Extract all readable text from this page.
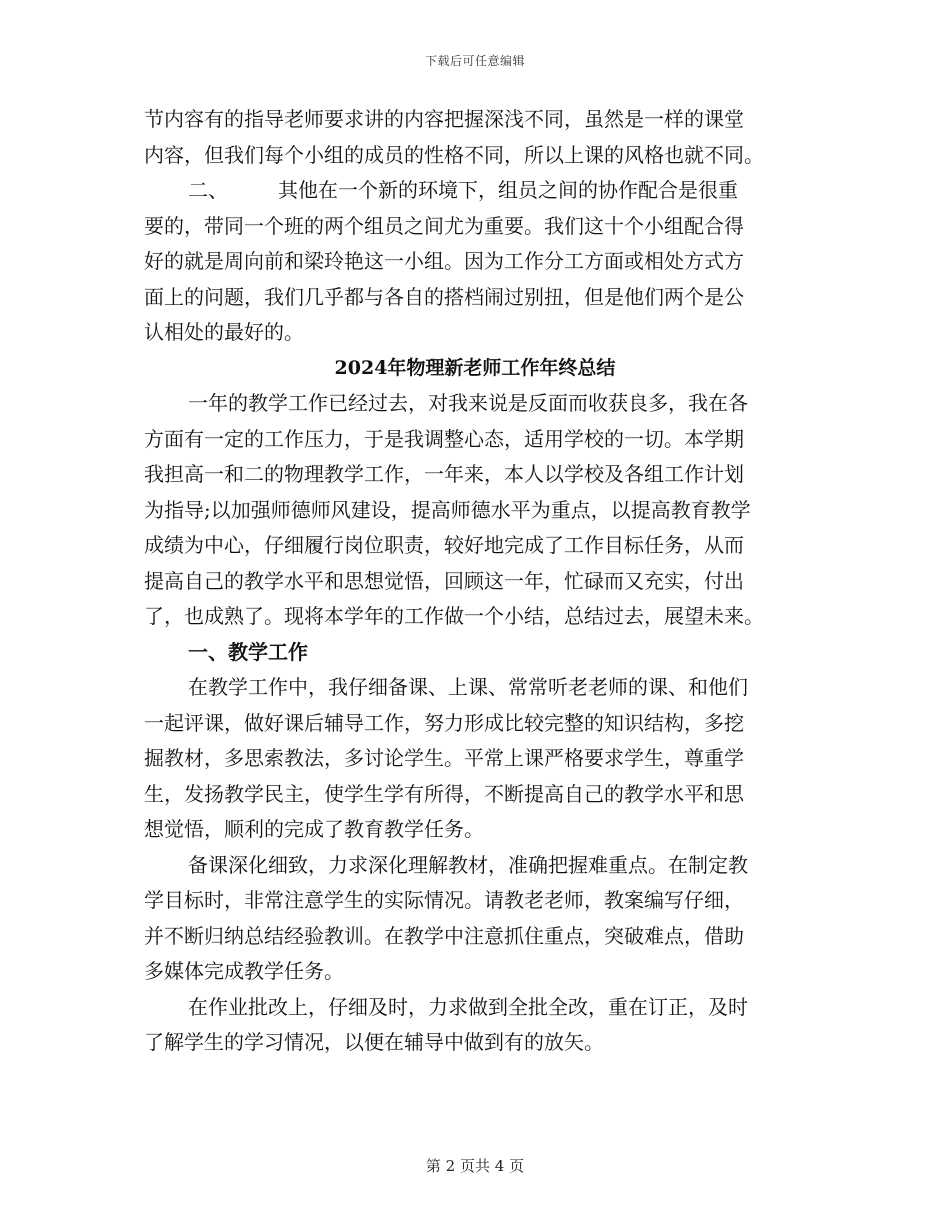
下载后可任意编辑
节内容有的指导老师要求讲的内容把握深浅不同，虽然是一样的课堂
内容，但我们每个小组的成员的性格不同，所以上课的风格也就不同。
二、　　　其他在一个新的环境下，组员之间的协作配合是很重
要的，带同一个班的两个组员之间尤为重要。我们这十个小组配合得
好的就是周向前和梁玲艳这一小组。因为工作分工方面或相处方式方
面上的问题，我们几乎都与各自的搭档闹过别扭，但是他们两个是公
认相处的最好的。
2024年物理新老师工作年终总结
一年的教学工作已经过去，对我来说是反面而收获良多，我在各
方面有一定的工作压力，于是我调整心态，适用学校的一切。本学期
我担高一和二的物理教学工作，一年来，本人以学校及各组工作计划
为指导;以加强师德师风建设，提高师德水平为重点，以提高教育教学
成绩为中心，仔细履行岗位职责，较好地完成了工作目标任务，从而
提高自己的教学水平和思想觉悟，回顾这一年，忙碌而又充实，付出
了，也成熟了。现将本学年的工作做一个小结，总结过去，展望未来。
一、教学工作
在教学工作中，我仔细备课、上课、常常听老老师的课、和他们
一起评课，做好课后辅导工作，努力形成比较完整的知识结构，多挖
掘教材，多思索教法，多讨论学生。平常上课严格要求学生，尊重学
生，发扬教学民主，使学生学有所得，不断提高自己的教学水平和思
想觉悟，顺利的完成了教育教学任务。
备课深化细致，力求深化理解教材，准确把握难重点。在制定教
学目标时，非常注意学生的实际情况。请教老老师，教案编写仔细，
并不断归纳总结经验教训。在教学中注意抓住重点，突破难点，借助
多媒体完成教学任务。
在作业批改上，仔细及时，力求做到全批全改，重在订正，及时
了解学生的学习情况，以便在辅导中做到有的放矢。
第 2 页共 4 页
